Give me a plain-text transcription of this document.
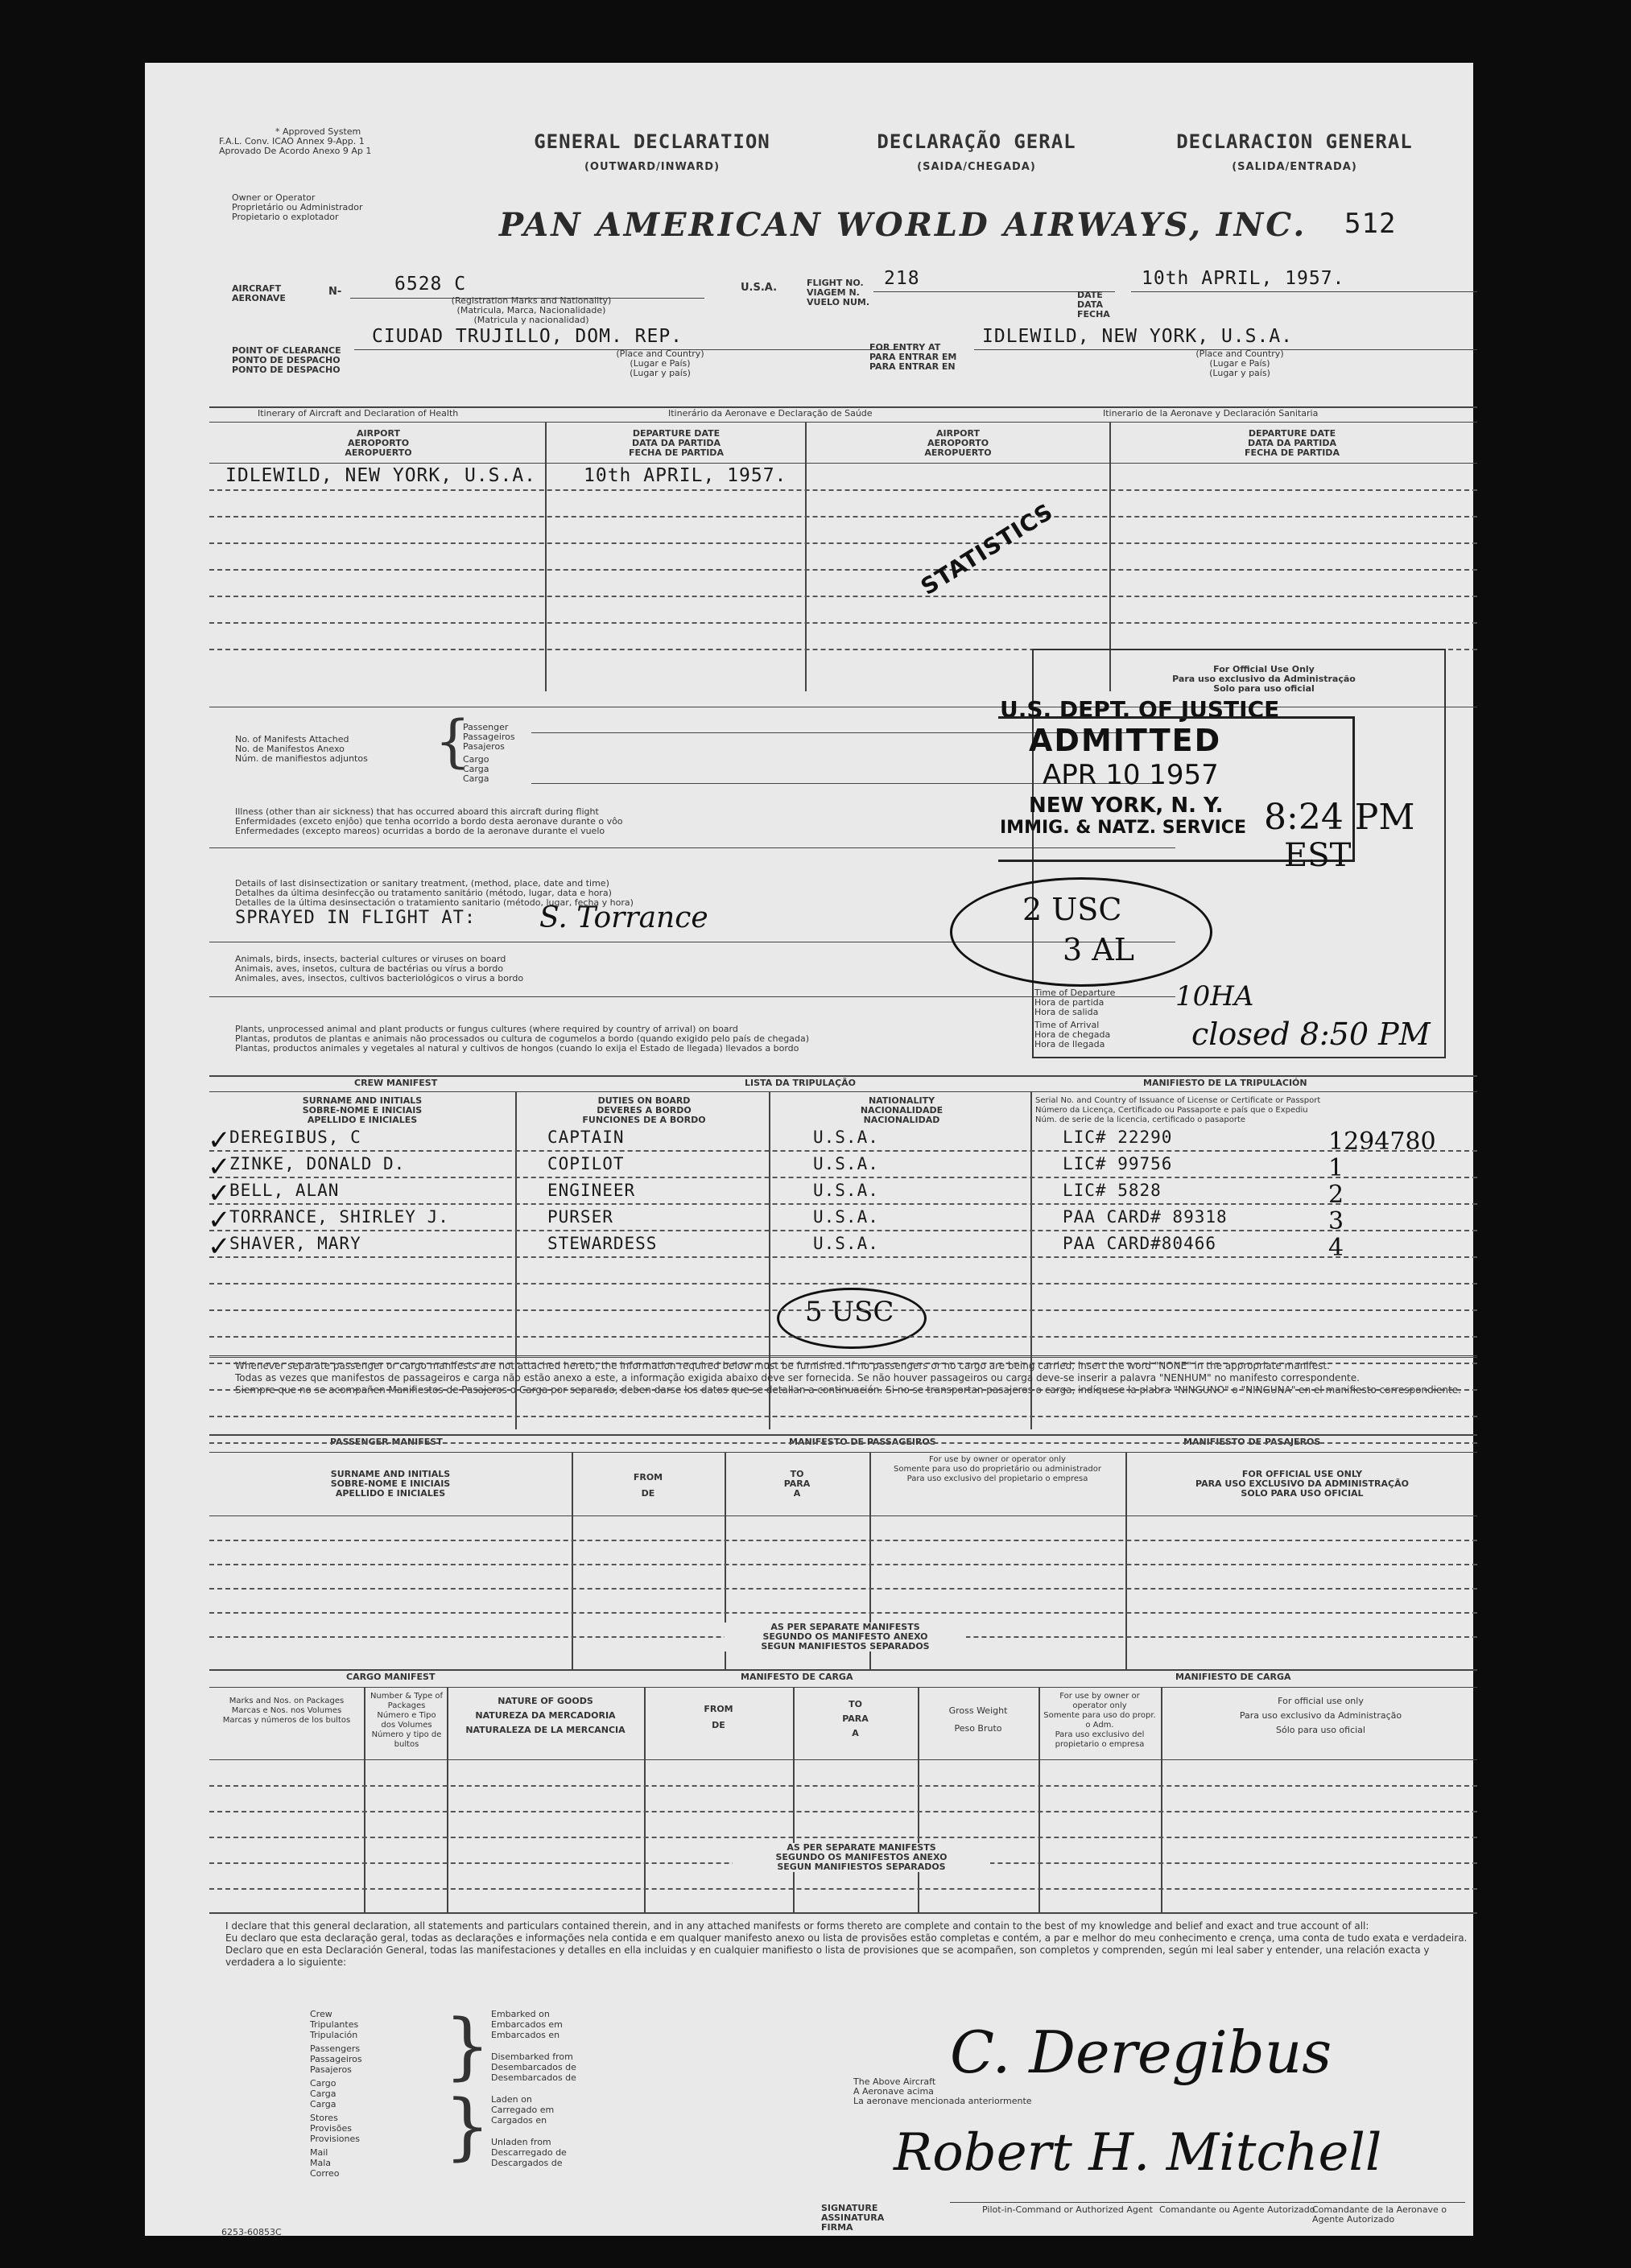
* Approved System
F.A.L. Conv. ICAO Annex 9-App. 1
Aprovado De Acordo Anexo 9 Ap 1	GENERAL DECLARATION
(OUTWARD/INWARD)
DECLARAÇÃO GERAL
(SAIDA/CHEGADA)
DECLARACION GENERAL
(SALIDA/ENTRADA)
512
Owner or Operator
Proprietário ou Administrador
Propietario o explotador	PAN AMERICAN WORLD AIRWAYS, INC.
AIRCRAFT
AERONAVE
N-	6528 C
(Registration Marks and Nationality)
(Matricula, Marca, Nacionalidade)
(Matricula y nacionalidad)
U.S.A.	FLIGHT NO.
VIAGEM N.
VUELO NUM.
218
DATE
DATA
FECHA
10th APRIL, 1957.
POINT OF CLEARANCE
PONTO DE DESPACHO
PONTO DE DESPACHO
CIUDAD TRUJILLO, DOM. REP.
(Place and Country)
(Lugar e País)
(Lugar y país)
FOR ENTRY AT
PARA ENTRAR EM
PARA ENTRAR EN
IDLEWILD, NEW YORK, U.S.A.
(Place and Country)
(Lugar e País)
(Lugar y país)
Itinerary of Aircraft and Declaration of Health	Itinerário da Aeronave e Declaração de Saúde	Itinerario de la Aeronave y Declaración Sanitaria
AIRPORT
AEROPORTO
AEROPUERTO
DEPARTURE DATE
DATA DA PARTIDA
FECHA DE PARTIDA
AIRPORT
AEROPORTO
AEROPUERTO
DEPARTURE DATE
DATA DA PARTIDA
FECHA DE PARTIDA
IDLEWILD, NEW YORK, U.S.A.	10th APRIL, 1957.
STATISTICS
No. of Manifests Attached
No. de Manifestos Anexo
Núm. de manifiestos adjuntos {
Passenger
Passageiros
Pasajeros
Cargo
Carga
Carga
Illness (other than air sickness) that has occurred aboard this aircraft during flight
Enfermidades (exceto enjôo) que tenha ocorrido a bordo desta aeronave durante o vôo
Enfermedades (excepto mareos) ocurridas a bordo de la aeronave durante el vuelo
Details of last disinsectization or sanitary treatment, (method, place, date and time)
Detalhes da última desinfecção ou tratamento sanitário (método, lugar, data e hora)
Detalles de la última desinsectación o tratamiento sanitario (método, lugar, fecha y hora)
SPRAYED IN FLIGHT AT: S. Torrance
Animals, birds, insects, bacterial cultures or viruses on board
Animais, aves, insetos, cultura de bactérias ou vírus a bordo
Animales, aves, insectos, cultivos bacteriológicos o virus a bordo
Plants, unprocessed animal and plant products or fungus cultures (where required by country of arrival) on board
Plantas, produtos de plantas e animais não processados ou cultura de cogumelos a bordo (quando exigido pelo país de chegada)
Plantas, productos animales y vegetales al natural y cultivos de hongos (cuando lo exija el Estado de llegada) llevados a bordo
For Official Use Only
Para uso exclusivo da Administração
Solo para uso oficial
U.S. DEPT. OF JUSTICE
ADMITTED
APR 10 1957
NEW YORK, N. Y.
IMMIG. & NATZ. SERVICE 8:24 PM
EST
2 USC
3 AL
Time of Departure
Hora de partida
Hora de salida
Time of Arrival
Hora de chegada
Hora de llegada
10HA
closed 8:50 PM
CREW MANIFEST	LISTA DA TRIPULAÇÃO	MANIFIESTO DE LA TRIPULACIÓN
SURNAME AND INITIALS
SOBRE-NOME E INICIAIS
APELLIDO E INICIALES
DUTIES ON BOARD
DEVERES A BORDO
FUNCIONES DE A BORDO
NATIONALITY
NACIONALIDADE
NACIONALIDAD
Serial No. and Country of Issuance of License or Certificate or Passport
Número da Licença, Certificado ou Passaporte e país que o Expediu
Núm. de serie de la licencia, certificado o pasaporte
5 USC
Whenever separate passenger or cargo manifests are not attached hereto, the information required below must be furnished. If no passengers or no cargo are being carried, insert the word "NONE" in the appropriate manifest.
Todas as vezes que manifestos de passageiros e carga não estão anexo a este, a informação exigida abaixo deve ser fornecida. Se não houver passageiros ou carga deve-se inserir a palavra "NENHUM" no manifesto correspondente.
Siempre que no se acompañen Manifiestos de Pasajeros o Carga por separado, deben darse los datos que se detallan a continuación. Si no se transportan pasajeros o carga, indíquese la plabra "NINGUNO" o "NINGUNA" en el manifiesto correspondiente.
PASSENGER MANIFEST	MANIFESTO DE PASSAGEIROS	MANIFIESTO DE PASAJEROS
SURNAME AND INITIALS
SOBRE-NOME E INICIAIS
APELLIDO E INICIALES
FROM
DE
TO
PARA
A
For use by owner or operator only
Somente para uso do proprietário ou administrador
Para uso exclusivo del propietario o empresa	FOR OFFICIAL USE ONLY
PARA USO EXCLUSIVO DA ADMINISTRAÇÃO
SOLO PARA USO OFICIAL
AS PER SEPARATE MANIFESTS
SEGUNDO OS MANIFESTO ANEXO
SEGUN MANIFIESTOS SEPARADOS
CARGO MANIFEST	MANIFESTO DE CARGA	MANIFIESTO DE CARGA
Marks and Nos. on Packages
Marcas e Nos. nos Volumes
Marcas y números de los bultos
Number & Type of Packages
Número e Tipo dos Volumes
Número y tipo de bultos
NATURE OF GOODS
NATUREZA DA MERCADORIA
NATURALEZA DE LA MERCANCIA
FROM
DE
TO
PARA
A
Gross Weight
Peso Bruto
For use by owner or operator only
Somente para uso do propr. o Adm.
Para uso exclusivo del propietario o empresa
For official use only
Para uso exclusivo da Administração
Sólo para uso oficial
AS PER SEPARATE MANIFESTS
SEGUNDO OS MANIFESTOS ANEXO
SEGUN MANIFIESTOS SEPARADOS
I declare that this general declaration, all statements and particulars contained therein, and in any attached manifests or forms thereto are complete and contain to the best of my knowledge and belief and exact and true account of all:
Eu declaro que esta declaração geral, todas as declarações e informações nela contida e em qualquer manifesto anexo ou lista de provisões estão completas e contém, a par e melhor do meu conhecimento e crença, uma conta de tudo exata e verdadeira.
Declaro que en esta Declaración General, todas las manifestaciones y detalles en ella incluidas y en cualquier manifiesto o lista de provisiones que se acompañen, son completos y comprenden, según mi leal saber y entender, una relación exacta y verdadera a lo siguiente:
Crew
Tripulantes
Tripulación
Passengers
Passageiros
Pasajeros
Cargo
Carga
Carga
Stores
Provisões
Provisiones
Mail
Mala
Correo
}
}
Embarked on
Embarcados em
Embarcados en
Disembarked from
Desembarcados de
Desembarcados de
Laden on
Carregado em
Cargados en
Unladen from
Descarregado de
Descargados de
The Above Aircraft
A Aeronave acima
La aeronave mencionada anteriormente
C. Deregibus
Robert H. Mitchell
SIGNATURE
ASSINATURA
FIRMA
Pilot-in-Command or Authorized Agent Comandante ou Agente Autorizado
Comandante de la Aeronave o Agente Autorizado
6253-60853C
✓
DEREGIBUS, C	CAPTAIN	U.S.A.	LIC# 22290	1294780
✓
ZINKE, DONALD D.	COPILOT	U.S.A.	LIC# 99756	1
✓
BELL, ALAN	ENGINEER	U.S.A.	LIC# 5828	2
✓
TORRANCE, SHIRLEY J.	PURSER	U.S.A.	PAA CARD# 89318	3
✓
SHAVER, MARY	STEWARDESS	U.S.A.	PAA CARD#80466	4
